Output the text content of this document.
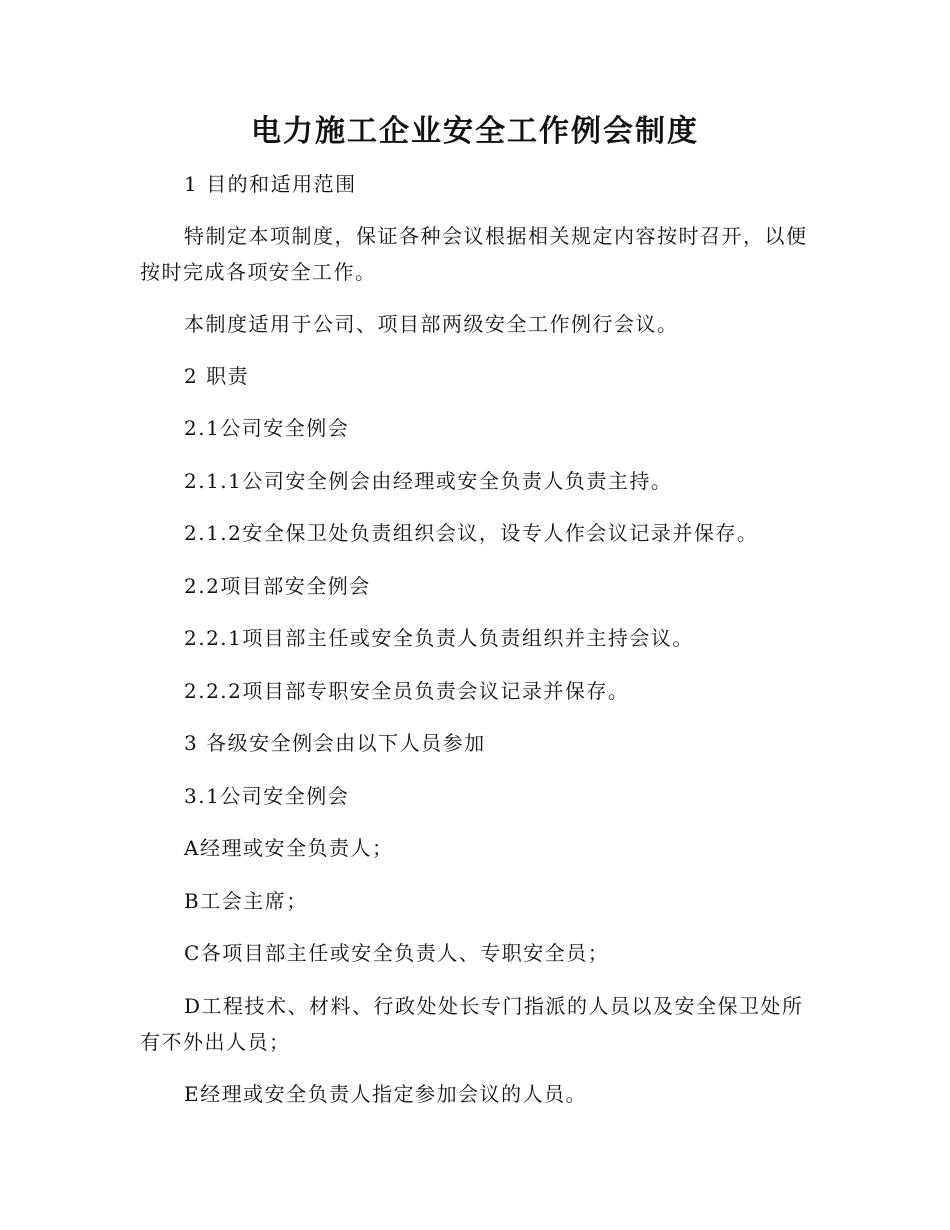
电力施工企业安全工作例会制度

1 目的和适用范围

特制定本项制度，保证各种会议根据相关规定内容按时召开，以便按时完成各项安全工作。

本制度适用于公司、项目部两级安全工作例行会议。

2 职责

2.1公司安全例会

2.1.1公司安全例会由经理或安全负责人负责主持。

2.1.2安全保卫处负责组织会议，设专人作会议记录并保存。

2.2项目部安全例会

2.2.1项目部主任或安全负责人负责组织并主持会议。

2.2.2项目部专职安全员负责会议记录并保存。

3 各级安全例会由以下人员参加

3.1公司安全例会

A经理或安全负责人；

B工会主席；

C各项目部主任或安全负责人、专职安全员；

D工程技术、材料、行政处处长专门指派的人员以及安全保卫处所有不外出人员；

E经理或安全负责人指定参加会议的人员。
